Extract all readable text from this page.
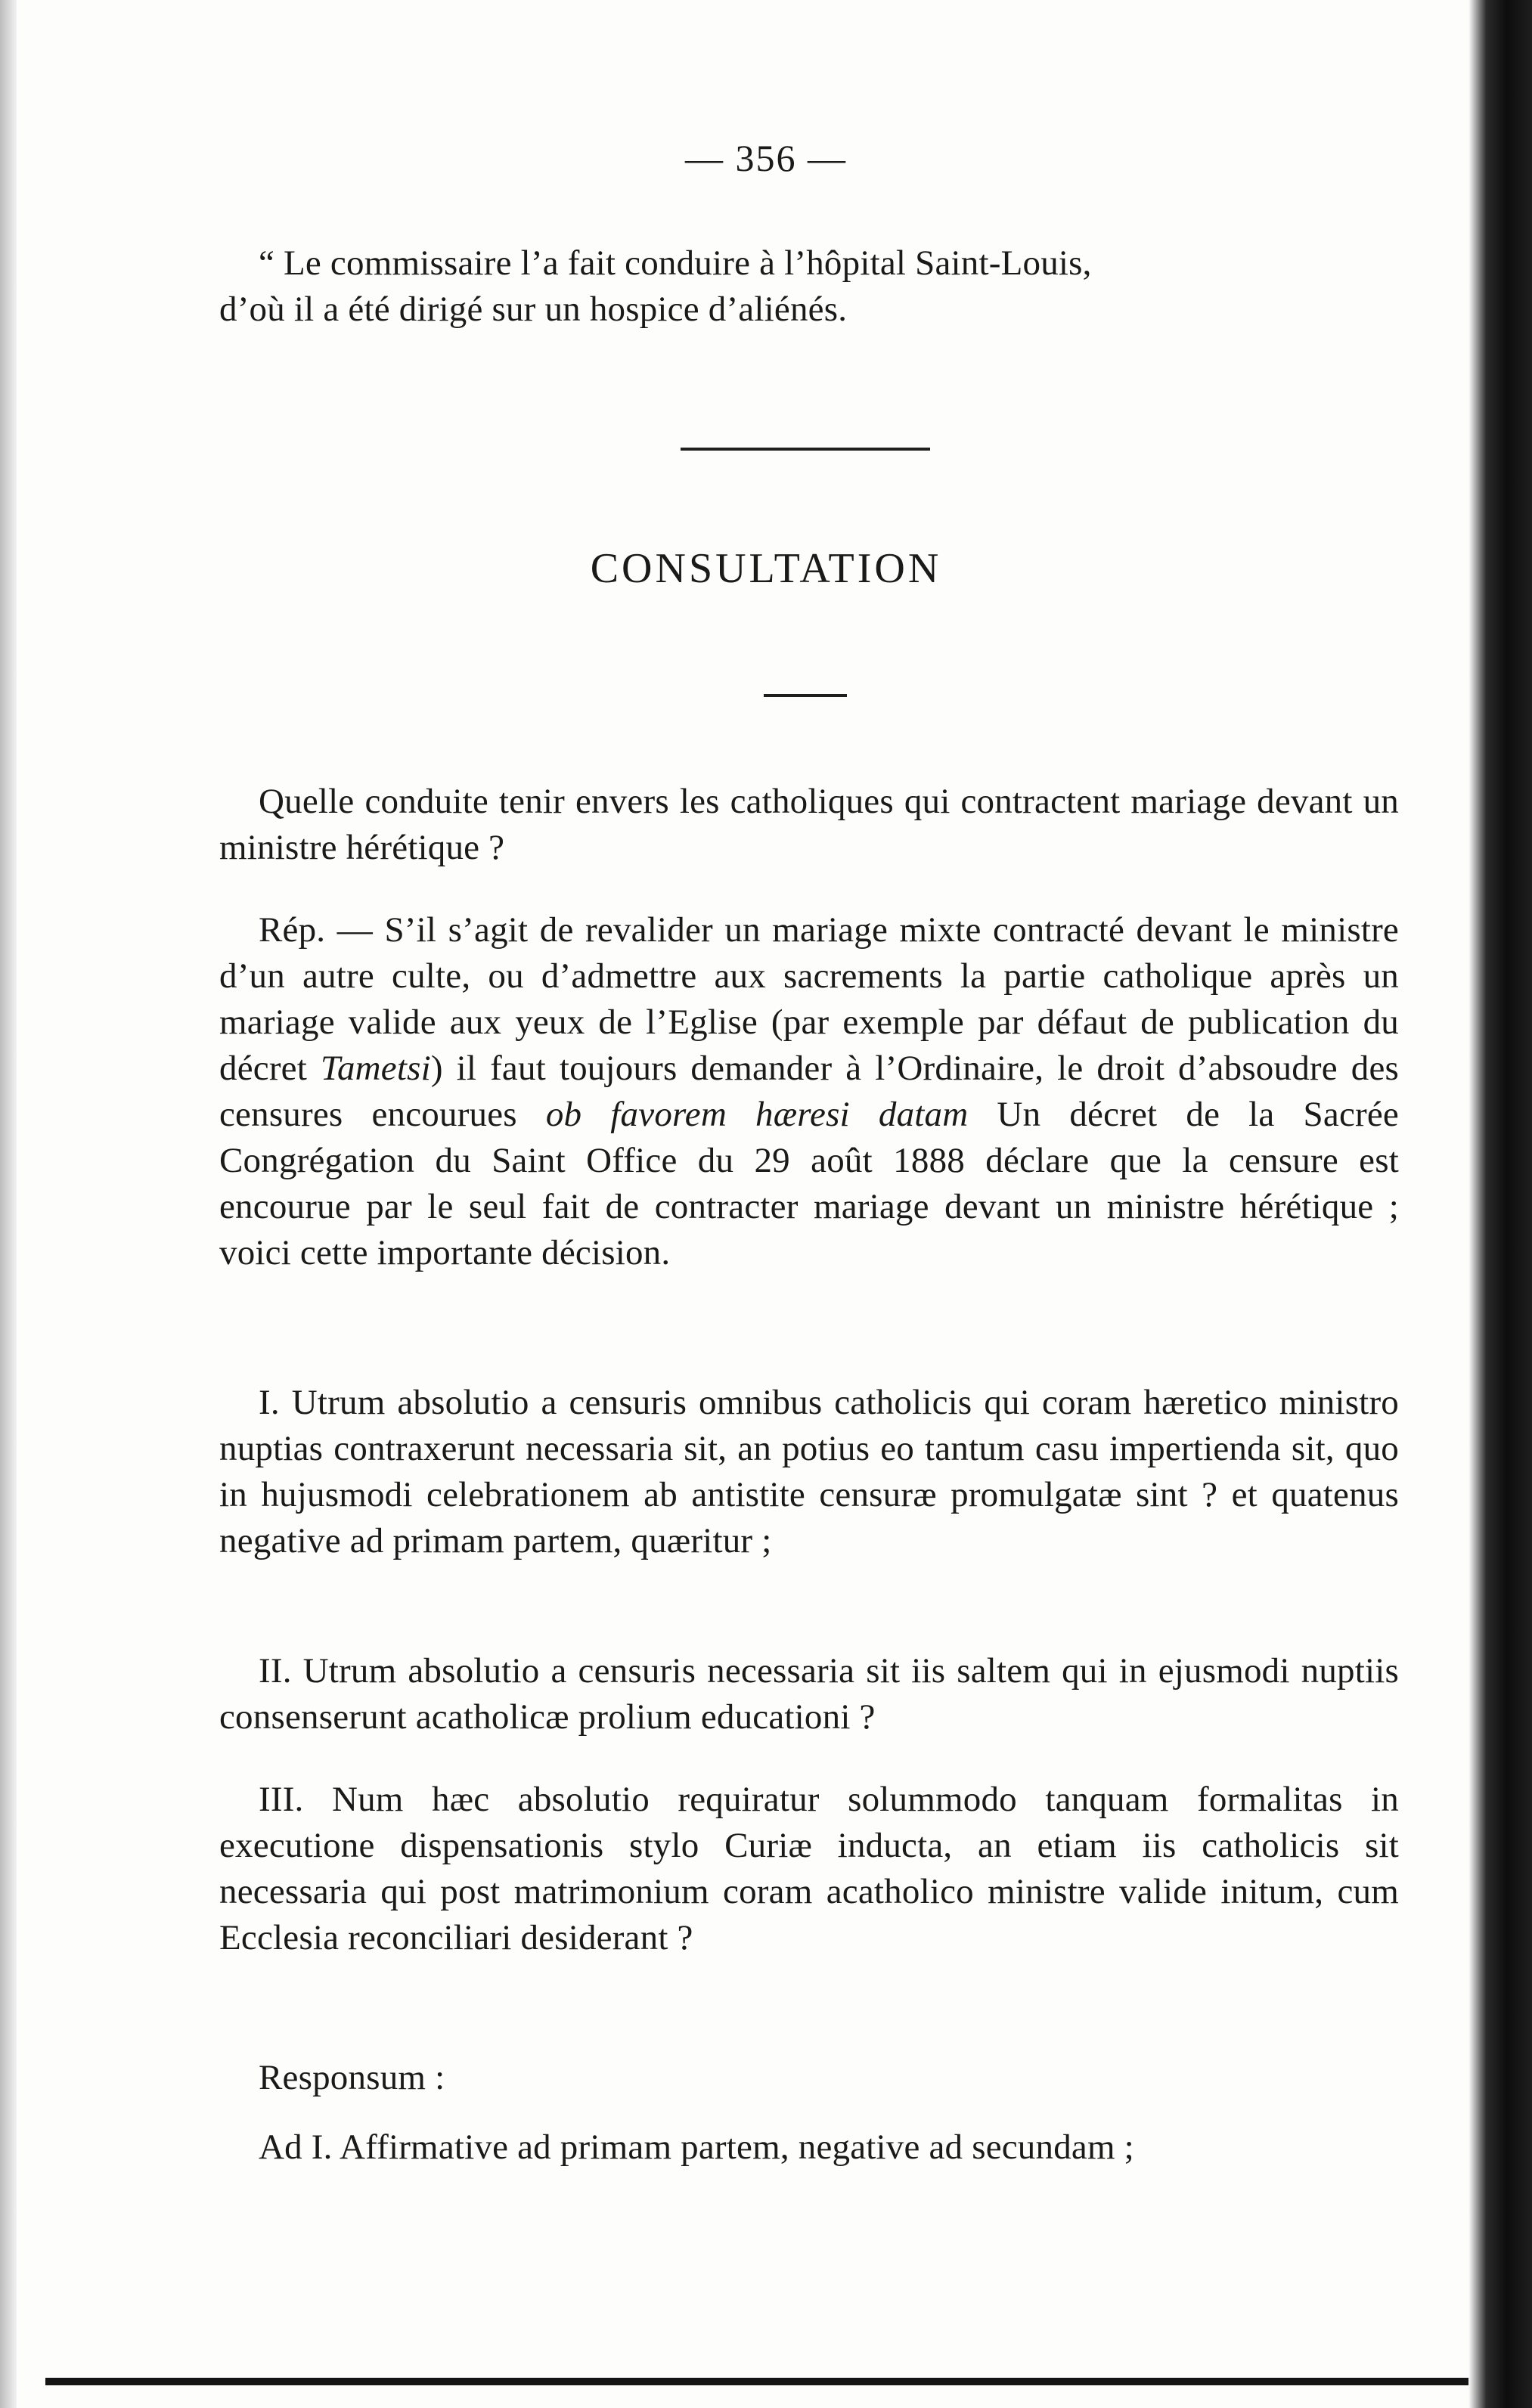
— 356 —

“ Le commissaire l’a fait conduire à l’hôpital Saint-Louis,

d’où il a été dirigé sur un hospice d’aliénés.

CONSULTATION
Quelle conduite tenir envers les catholiques qui contractent mariage devant un ministre hérétique ?
Rép. — S’il s’agit de revalider un mariage mixte contracté devant le ministre d’un autre culte, ou d’admettre aux sacrements la partie catholique après un mariage valide aux yeux de l’Eglise (par exemple par défaut de publication du décret Tametsi) il faut toujours demander à l’Ordinaire, le droit d’absoudre des censures encourues ob favorem hæresi datam Un décret de la Sacrée Congrégation du Saint Office du 29 août 1888 déclare que la censure est encourue par le seul fait de contracter mariage devant un ministre hérétique ; voici cette importante décision.
I. Utrum absolutio a censuris omnibus catholicis qui coram hæretico ministro nuptias contraxerunt necessaria sit, an potius eo tantum casu impertienda sit, quo in hujusmodi celebrationem ab antistite censuræ promulgatæ sint ? et quatenus negative ad primam partem, quæritur ;
II. Utrum absolutio a censuris necessaria sit iis saltem qui in ejusmodi nuptiis consenserunt acatholicæ prolium educationi ?
III. Num hæc absolutio requiratur solummodo tanquam formalitas in executione dispensationis stylo Curiæ inducta, an etiam iis catholicis sit necessaria qui post matrimonium coram acatholico ministre valide initum, cum Ecclesia reconciliari desiderant ?
Responsum :
Ad I. Affirmative ad primam partem, negative ad secundam ;
